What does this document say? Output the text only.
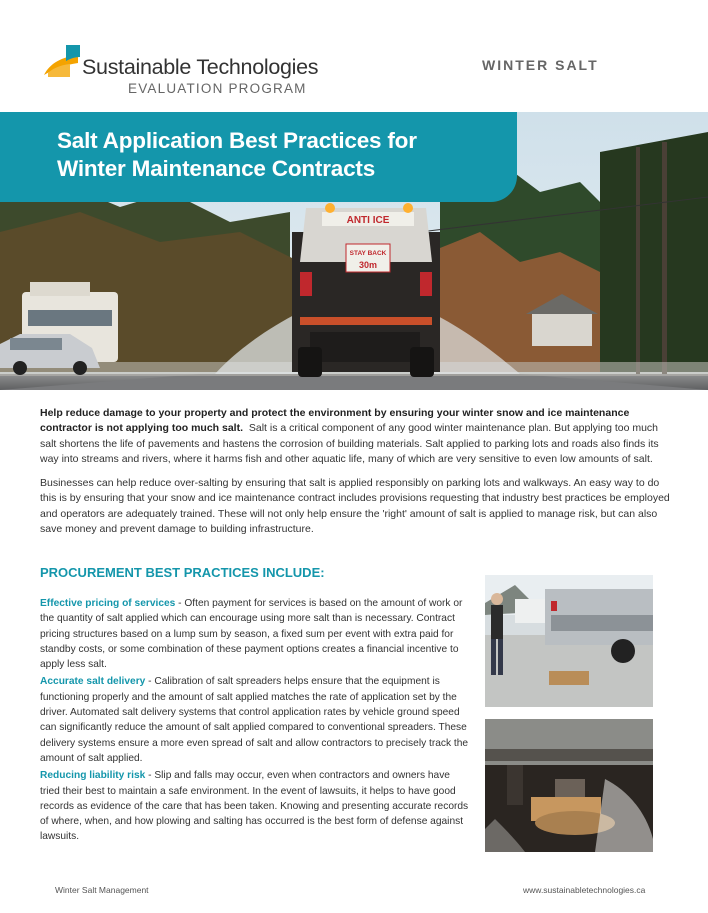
Sustainable Technologies
EVALUATION PROGRAM
WINTER SALT
ANTI ICE
STAY BACK
30m
Salt Application Best Practices for
Winter Maintenance Contracts

Help reduce damage to your property and protect the environment by ensuring your winter snow and ice maintenance contractor is not applying too much salt. Salt is a critical component of any good winter maintenance plan. But applying too much salt shortens the life of pavements and hastens the corrosion of building materials. Salt applied to parking lots and roads also finds its way into streams and rivers, where it harms fish and other aquatic life, many of which are very sensitive to even low amounts of salt.

Businesses can help reduce over-salting by ensuring that salt is applied responsibly on parking lots and walkways. An easy way to do this is by ensuring that your snow and ice maintenance contract includes provisions requesting that industry best practices be employed and operators are adequately trained. These will not only help ensure the 'right' amount of salt is applied to manage risk, but can also save money and prevent damage to building infrastructure.

PROCUREMENT BEST PRACTICES INCLUDE:

Effective pricing of services - Often payment for services is based on the amount of work or the quantity of salt applied which can encourage using more salt than is necessary. Contract pricing structures based on a lump sum by season, a fixed sum per event with extra paid for standby costs, or some combination of these payment options creates a financial incentive to apply less salt.

Accurate salt delivery - Calibration of salt spreaders helps ensure that the equipment is functioning properly and the amount of salt applied matches the rate of application set by the driver. Automated salt delivery systems that control application rates by vehicle ground speed can significantly reduce the amount of salt applied compared to conventional spreaders. These delivery systems ensure a more even spread of salt and allow contractors to precisely track the amount of salt applied.

Reducing liability risk - Slip and falls may occur, even when contractors and owners have tried their best to maintain a safe environment. In the event of lawsuits, it helps to have good records as evidence of the care that has been taken. Knowing and presenting accurate records of where, when, and how plowing and salting has occurred is the best form of defense against lawsuits.

Winter Salt Management	www.sustainabletechnologies.ca
